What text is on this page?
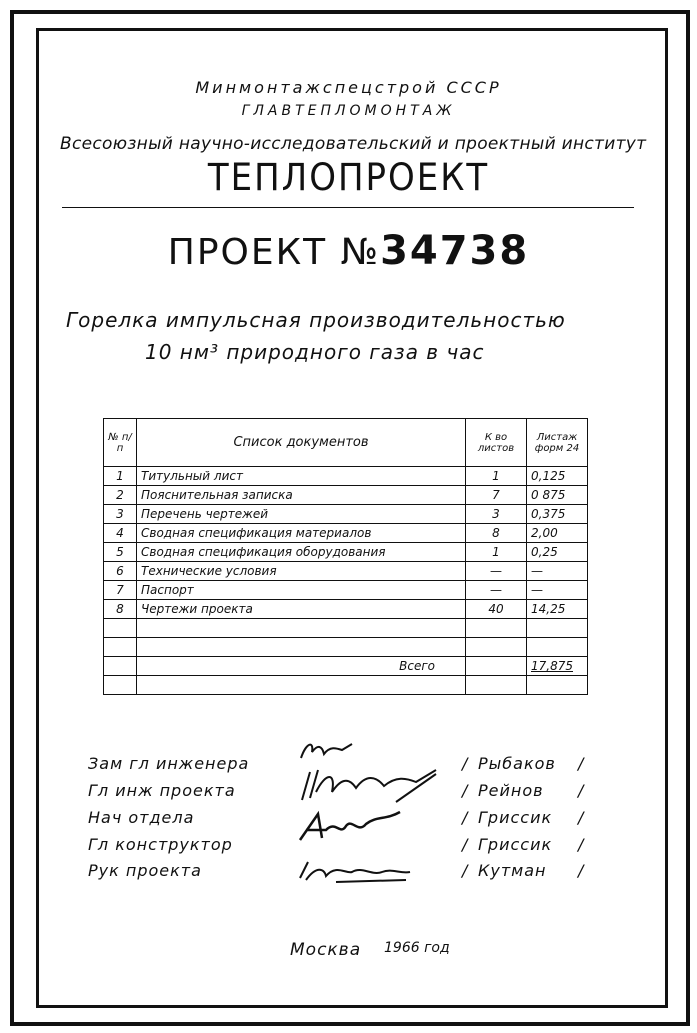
Минмонтажспецстрой СССР
ГЛАВТЕПЛОМОНТАЖ
Всесоюзный научно-исследовательский и проектный институт
ТЕПЛОПРОЕКТ
ПРОЕКТ №34738
Горелка импульсная производительностью
10 нм³ природного газа в час
№ п/п	Список документов	К во листов	Листаж форм 24
1	Титульный лист	1	0,125
2	Пояснительная записка	7	0 875
3	Перечень чертежей	3	0,375
4	Сводная спецификация материалов	8	2,00
5	Сводная спецификация оборудования	1	0,25
6	Технические условия	—	—
7	Паспорт	—	—
8	Чертежи проекта	40	14,25

	Всего		17,875

Зам гл инженера	/ Рыбаков /
Гл инж проекта	/ Рейнов /
Нач отдела	/ Гриссик /
Гл конструктор	/ Гриссик /
Рук проекта	/ Кутман /
Москва 1966 год
